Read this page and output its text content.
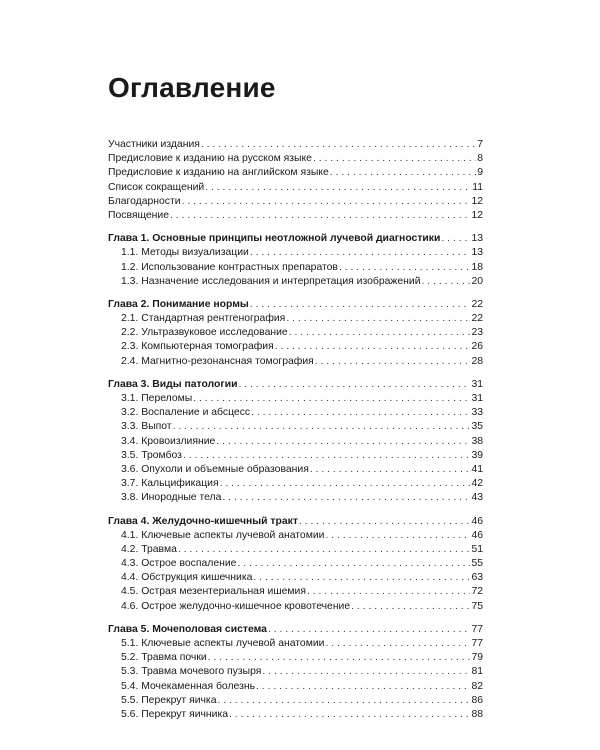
Оглавление
Участники издания . . .	7
Предисловие к изданию на русском языке . . .	8
Предисловие к изданию на английском языке . . .	9
Список сокращений . . .	11
Благодарности . . .	12
Посвящение . . .	12
Глава 1. Основные принципы неотложной лучевой диагностики . . .	13
1.1. Методы визуализации . . .	13
1.2. Использование контрастных препаратов . . .	18
1.3. Назначение исследования и интерпретация изображений . . .	20
Глава 2. Понимание нормы . . .	22
2.1. Стандартная рентгенография . . .	22
2.2. Ультразвуковое исследование . . .	23
2.3. Компьютерная томография . . .	26
2.4. Магнитно-резонансная томография . . .	28
Глава 3. Виды патологии . . .	31
3.1. Переломы . . .	31
3.2. Воспаление и абсцесс . . .	33
3.3. Выпот . . .	35
3.4. Кровоизлияние . . .	38
3.5. Тромбоз . . .	39
3.6. Опухоли и объемные образования . . .	41
3.7. Кальцификация . . .	42
3.8. Инородные тела . . .	43
Глава 4. Желудочно-кишечный тракт . . .	46
4.1. Ключевые аспекты лучевой анатомии . . .	46
4.2. Травма . . .	51
4.3. Острое воспаление . . .	55
4.4. Обструкция кишечника . . .	63
4.5. Острая мезентериальная ишемия . . .	72
4.6. Острое желудочно-кишечное кровотечение . . .	75
Глава 5. Мочеполовая система . . .	77
5.1. Ключевые аспекты лучевой анатомии . . .	77
5.2. Травма почки . . .	79
5.3. Травма мочевого пузыря . . .	81
5.4. Мочекаменная болезнь . . .	82
5.5. Перекрут яичка . . .	86
5.6. Перекрут яичника . . .	88
